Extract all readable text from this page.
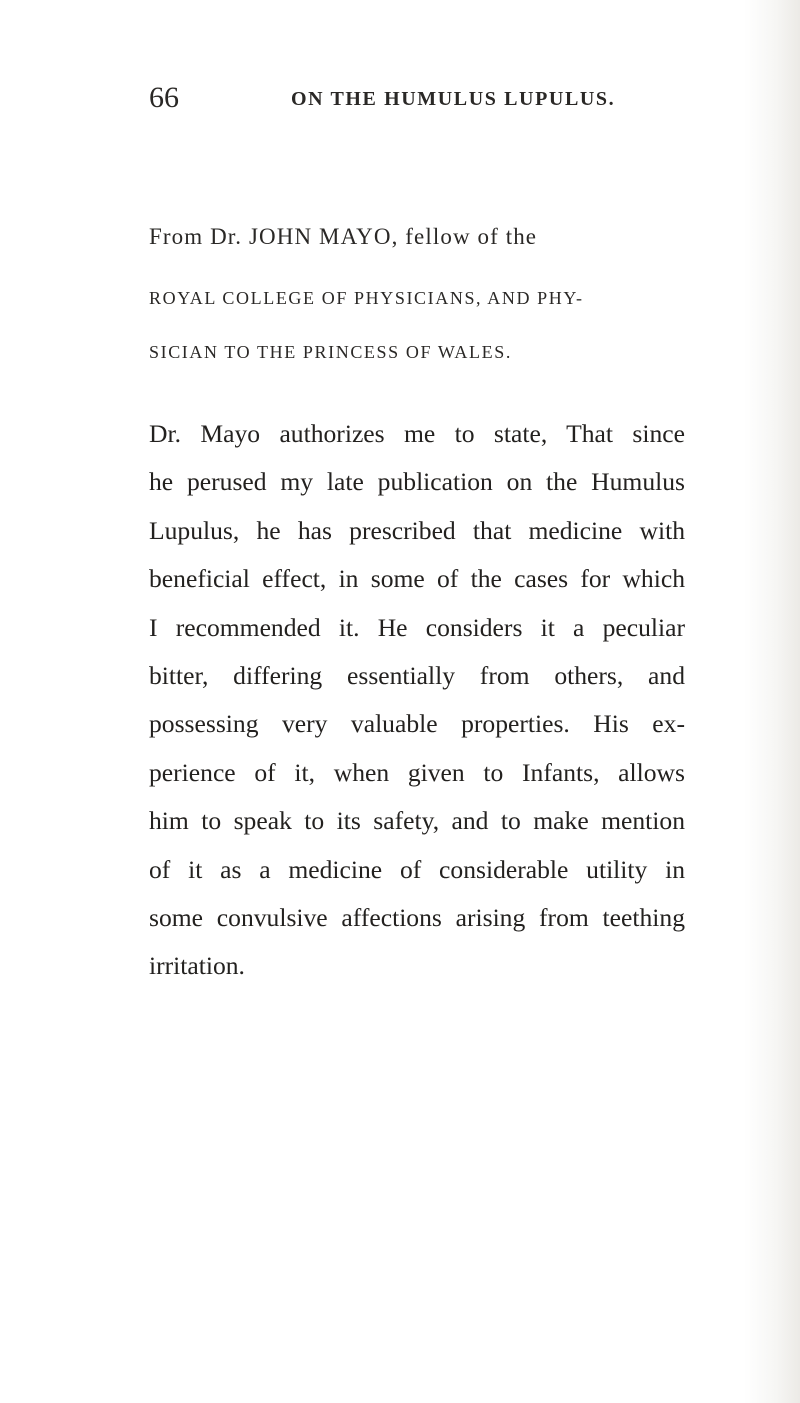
66	ON THE HUMULUS LUPULUS.
From Dr. JOHN MAYO, fellow of the
ROYAL COLLEGE OF PHYSICIANS, AND PHY-
SICIAN TO THE PRINCESS OF WALES.
Dr. Mayo authorizes me to state, That since
he perused my late publication on the Humulus
Lupulus, he has prescribed that medicine with
beneficial effect, in some of the cases for which
I recommended it. He considers it a peculiar
bitter, differing essentially from others, and
possessing very valuable properties. His ex-
perience of it, when given to Infants, allows
him to speak to its safety, and to make mention
of it as a medicine of considerable utility in
some convulsive affections arising from teething
irritation.
